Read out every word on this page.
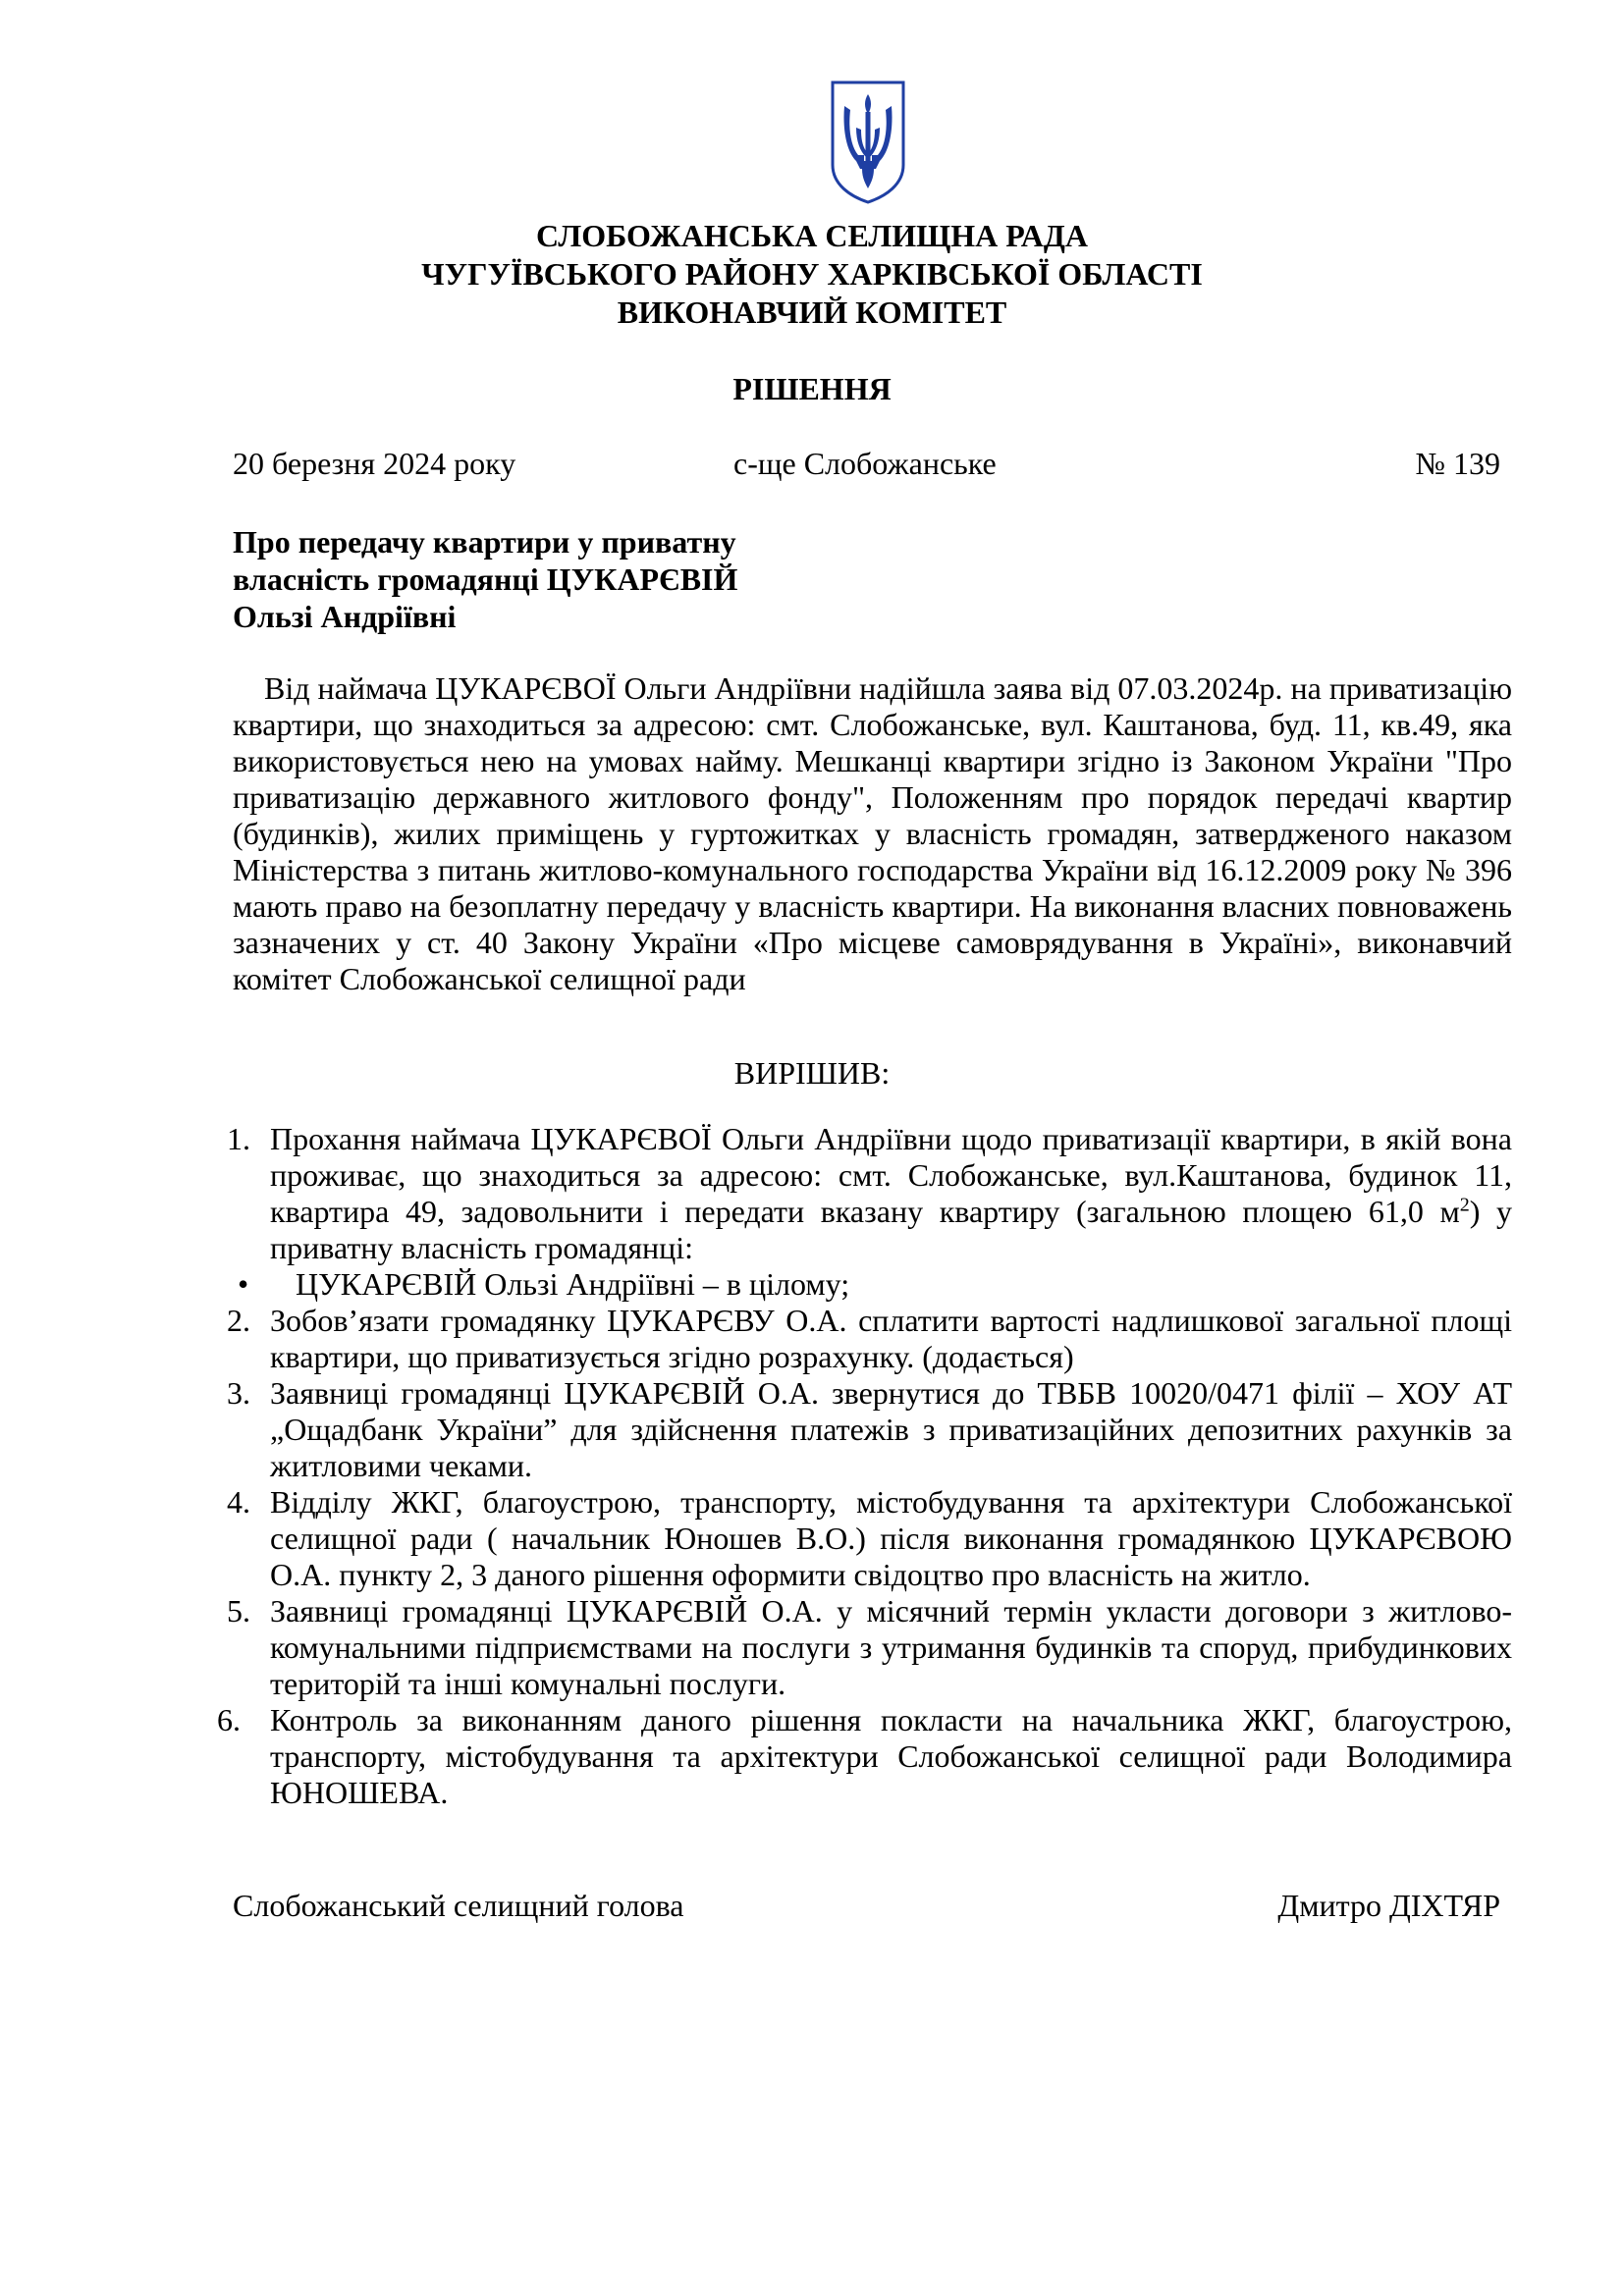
СЛОБОЖАНСЬКА СЕЛИЩНА РАДА
ЧУГУЇВСЬКОГО РАЙОНУ ХАРКІВСЬКОЇ ОБЛАСТІ
ВИКОНАВЧИЙ КОМІТЕТ
РІШЕННЯ
20 березня 2024 року	с-ще Слобожанське	№ 139
Про передачу квартири у приватну
власність громадянці ЦУКАРЄВІЙ
Ользі Андріївні
Від наймача ЦУКАРЄВОЇ Ольги Андріївни надійшла заява від 07.03.2024р. на приватизацію квартири, що знаходиться за адресою: смт. Слобожанське, вул. Каштанова, буд. 11, кв.49, яка використовується нею на умовах найму. Мешканці квартири згідно із Законом України "Про приватизацію державного житлового фонду", Положенням про порядок передачі квартир (будинків), жилих приміщень у гуртожитках у власність громадян, затвердженого наказом Міністерства з питань житлово-комунального господарства України від 16.12.2009 року № 396 мають право на безоплатну передачу у власність квартири. На виконання власних повноважень зазначених у ст. 40 Закону України «Про місцеве самоврядування в Україні», виконавчий комітет Слобожанської селищної ради
ВИРІШИВ:
1. Прохання наймача ЦУКАРЄВОЇ Ольги Андріївни щодо приватизації квартири, в якій вона проживає, що знаходиться за адресою: смт. Слобожанське, вул.Каштанова, будинок 11, квартира 49, задовольнити і передати вказану квартиру (загальною площею 61,0 $м^2$) у приватну власність громадянці:
• ЦУКАРЄВІЙ Ользі Андріївні – в цілому;
2. Зобов’язати громадянку ЦУКАРЄВУ О.А. сплатити вартості надлишкової загальної площі квартири, що приватизується згідно розрахунку. (додається)
3. Заявниці громадянці ЦУКАРЄВІЙ О.А. звернутися до ТВБВ 10020/0471 філії – ХОУ АТ „Ощадбанк України” для здійснення платежів з приватизаційних депозитних рахунків за житловими чеками.
4. Відділу ЖКГ, благоустрою, транспорту, містобудування та архітектури Слобожанської селищної ради ( начальник Юношев В.О.) після виконання громадянкою ЦУКАРЄВОЮ О.А. пункту 2, 3 даного рішення оформити свідоцтво про власність на житло.
5. Заявниці громадянці ЦУКАРЄВІЙ О.А. у місячний термін укласти договори з житлово-комунальними підприємствами на послуги з утримання будинків та споруд, прибудинкових територій та інші комунальні послуги.
6. Контроль за виконанням даного рішення покласти на начальника ЖКГ, благоустрою, транспорту, містобудування та архітектури Слобожанської селищної ради Володимира ЮНОШЕВА.
Слобожанський селищний голова	Дмитро ДІХТЯР
